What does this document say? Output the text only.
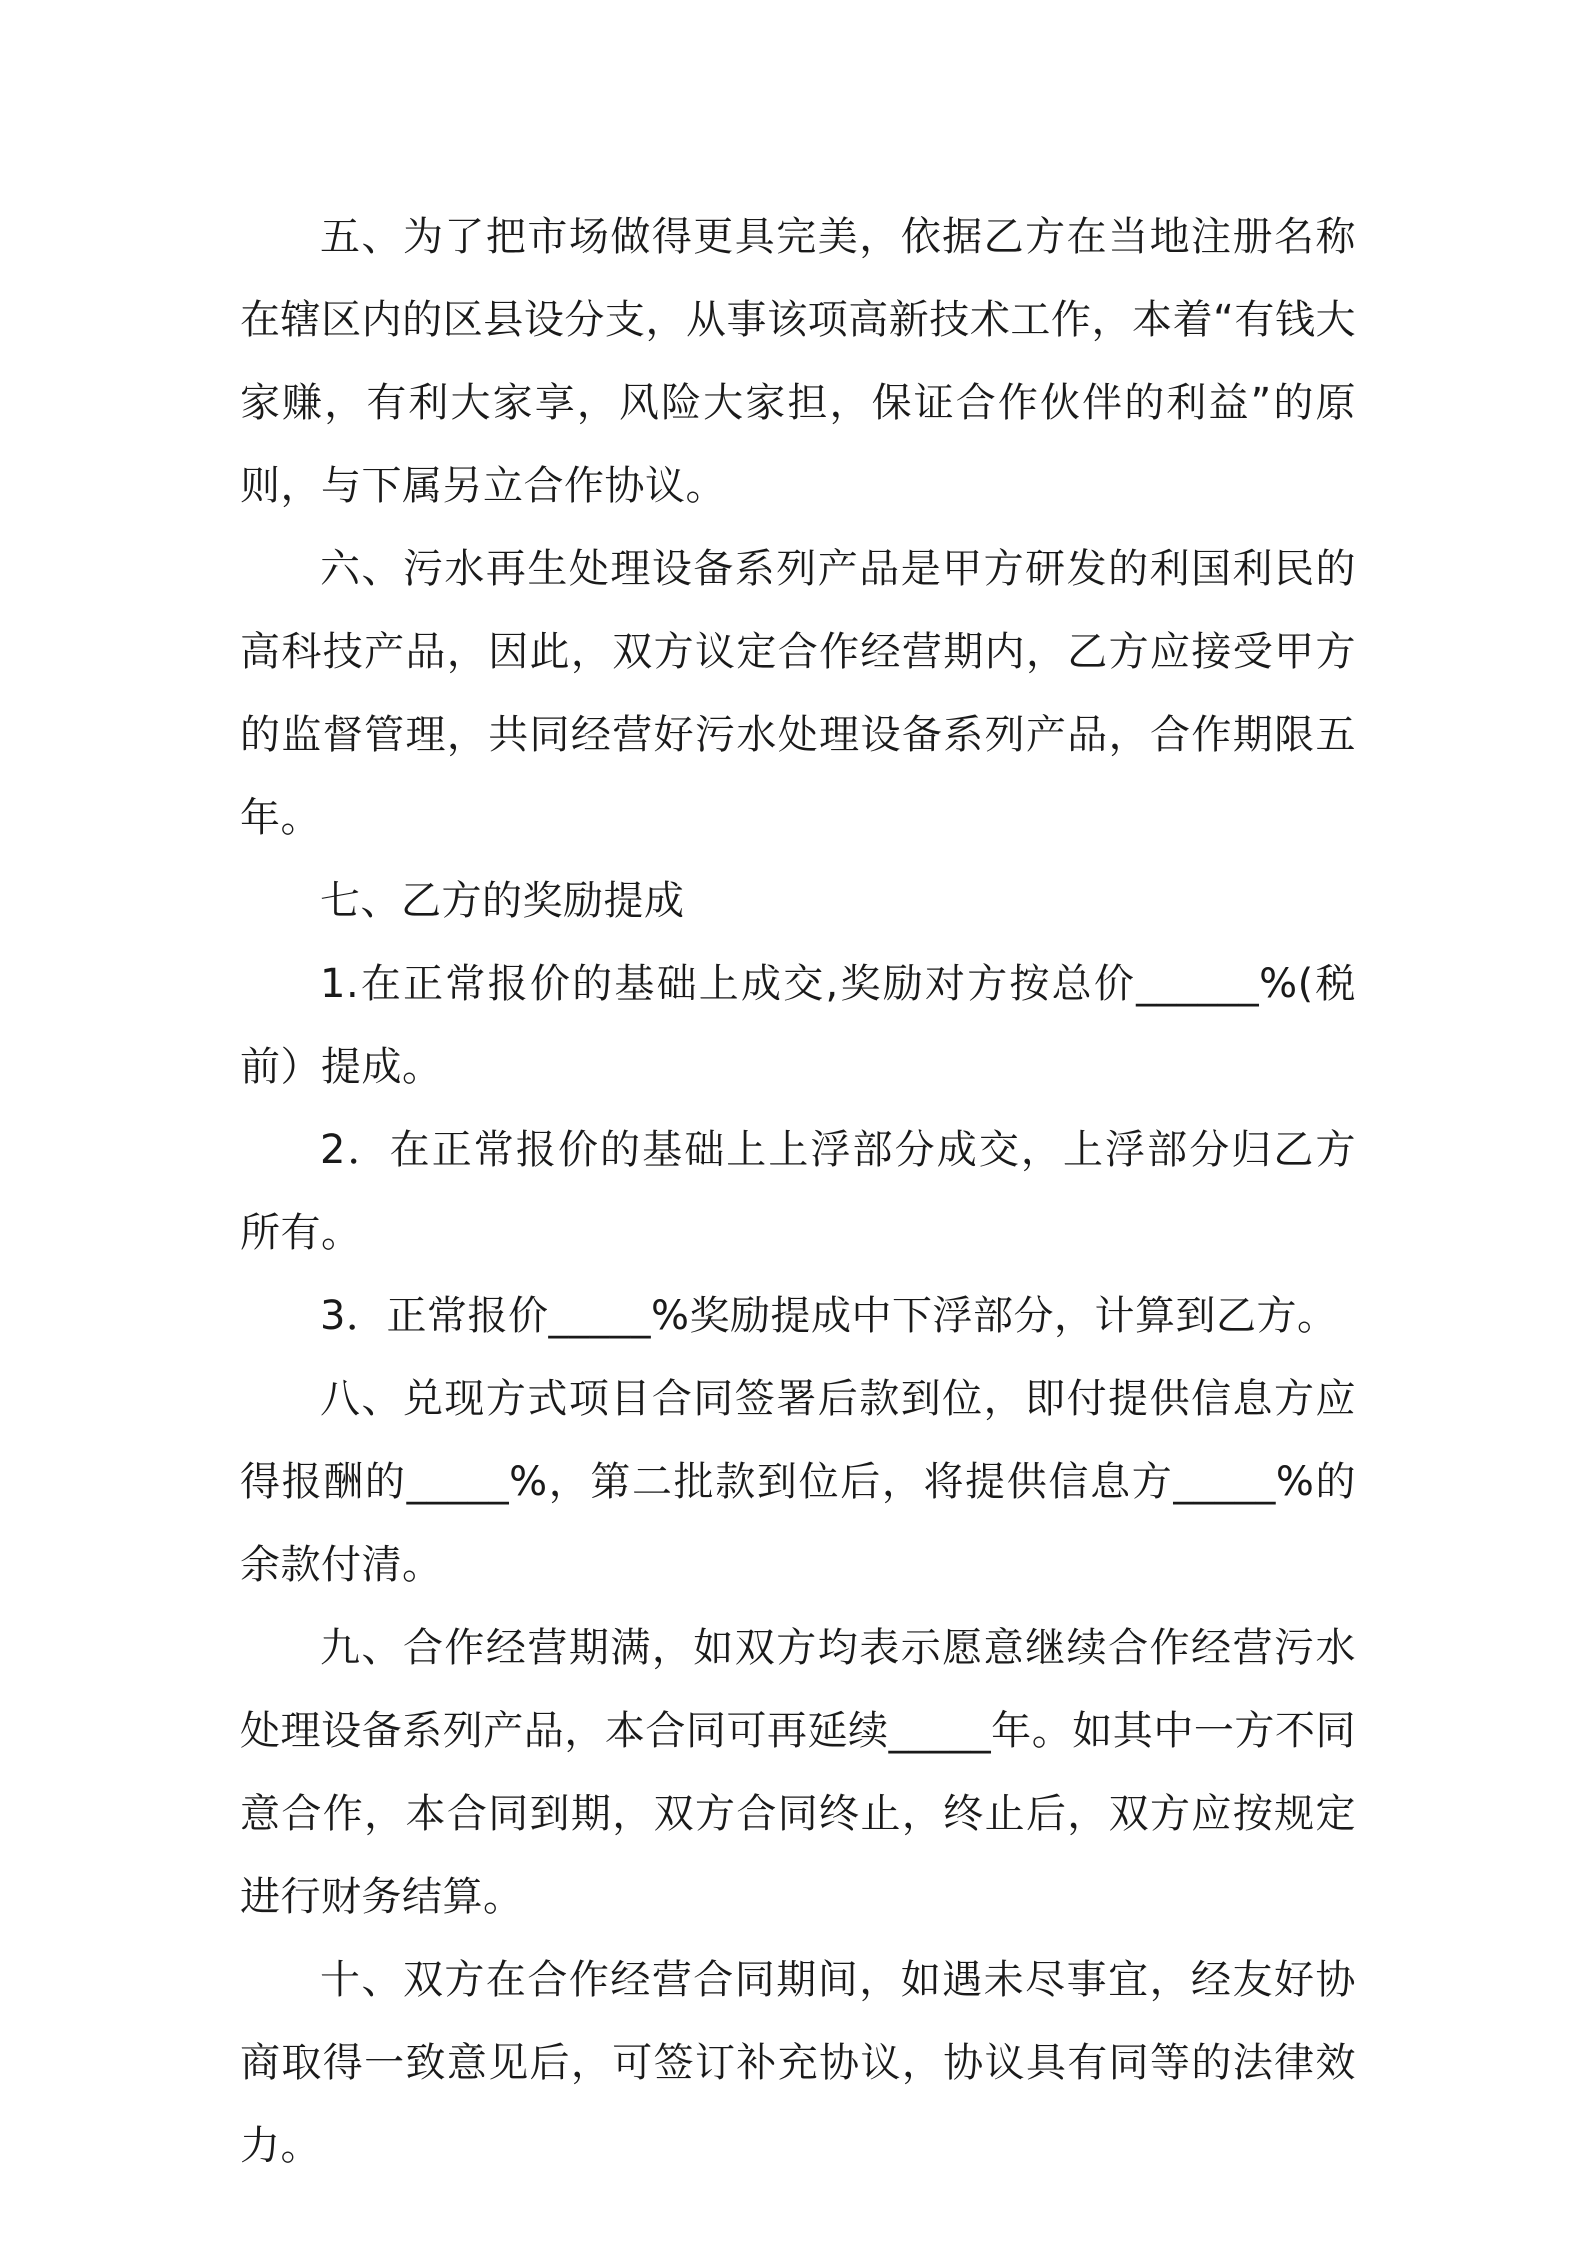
五、为了把市场做得更具完美，依据乙方在当地注册名称在辖区内的区县设分支，从事该项高新技术工作，本着“有钱大家赚，有利大家享，风险大家担，保证合作伙伴的利益”的原则，与下属另立合作协议。

六、污水再生处理设备系列产品是甲方研发的利国利民的高科技产品，因此，双方议定合作经营期内，乙方应接受甲方的监督管理，共同经营好污水处理设备系列产品，合作期限五年。

七、乙方的奖励提成

1.在正常报价的基础上成交,奖励对方按总价______%(税前）提成。

2．在正常报价的基础上上浮部分成交，上浮部分归乙方所有。

3．正常报价_____%奖励提成中下浮部分，计算到乙方。

八、兑现方式项目合同签署后款到位，即付提供信息方应得报酬的_____%，第二批款到位后，将提供信息方_____%的余款付清。

九、合作经营期满，如双方均表示愿意继续合作经营污水处理设备系列产品，本合同可再延续_____年。如其中一方不同意合作，本合同到期，双方合同终止，终止后，双方应按规定进行财务结算。

十、双方在合作经营合同期间，如遇未尽事宜，经友好协商取得一致意见后，可签订补充协议，协议具有同等的法律效力。
